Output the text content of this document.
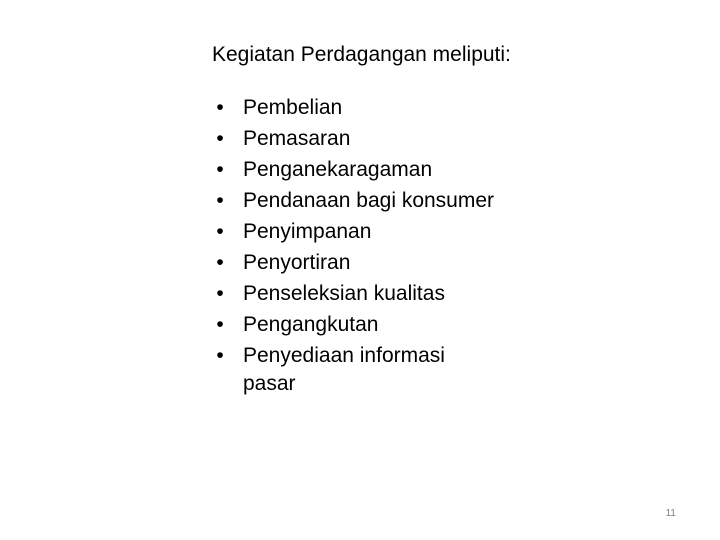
Kegiatan Perdagangan meliputi:
• Pembelian
• Pemasaran
• Penganekaragaman
• Pendanaan bagi konsumer
• Penyimpanan
• Penyortiran
• Penseleksian kualitas
• Pengangkutan
• Penyediaan informasi pasar
11
